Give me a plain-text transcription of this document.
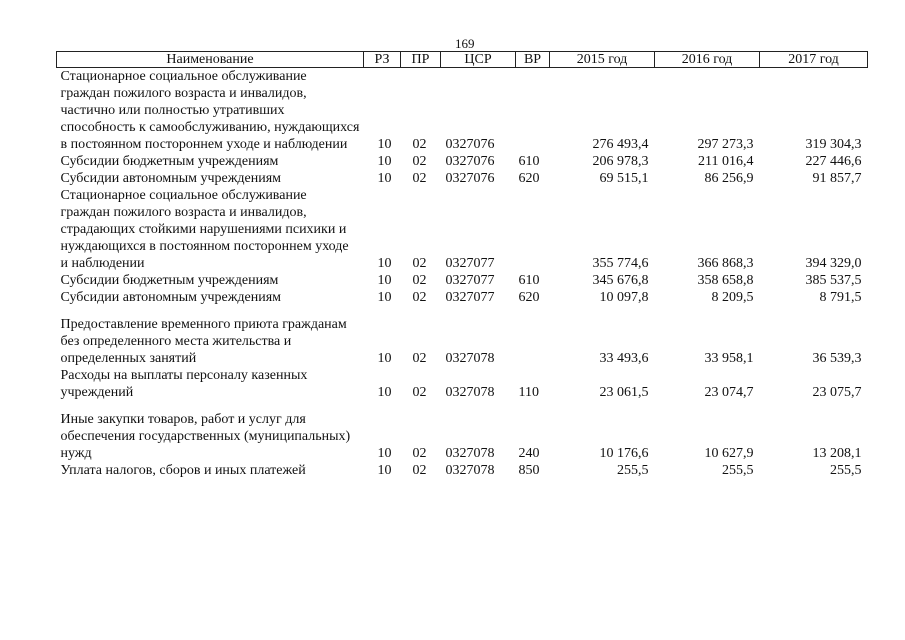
169
Наименование	РЗ	ПР	ЦСР	ВР	2015 год	2016 год	2017 год
Стационарное социальное обслуживание граждан пожилого возраста и инвалидов, частично или полностью утративших способность к самообслуживанию, нуждающихся в постоянном постороннем уходе и наблюдении	10	02	0327076		276 493,4	297 273,3	319 304,3
Субсидии бюджетным учреждениям	10	02	0327076	610	206 978,3	211 016,4	227 446,6
Субсидии автономным учреждениям	10	02	0327076	620	69 515,1	86 256,9	91 857,7
Стационарное социальное обслуживание граждан пожилого возраста и инвалидов, страдающих стойкими нарушениями психики и нуждающихся в постоянном постороннем уходе и наблюдении	10	02	0327077		355 774,6	366 868,3	394 329,0
Субсидии бюджетным учреждениям	10	02	0327077	610	345 676,8	358 658,8	385 537,5
Субсидии автономным учреждениям	10	02	0327077	620	10 097,8	8 209,5	8 791,5

Предоставление временного приюта гражданам без определенного места жительства и определенных занятий	10	02	0327078		33 493,6	33 958,1	36 539,3
Расходы на выплаты персоналу казенных учреждений	10	02	0327078	110	23 061,5	23 074,7	23 075,7

Иные закупки товаров, работ и услуг для обеспечения государственных (муниципальных) нужд	10	02	0327078	240	10 176,6	10 627,9	13 208,1
Уплата налогов, сборов и иных платежей	10	02	0327078	850	255,5	255,5	255,5
